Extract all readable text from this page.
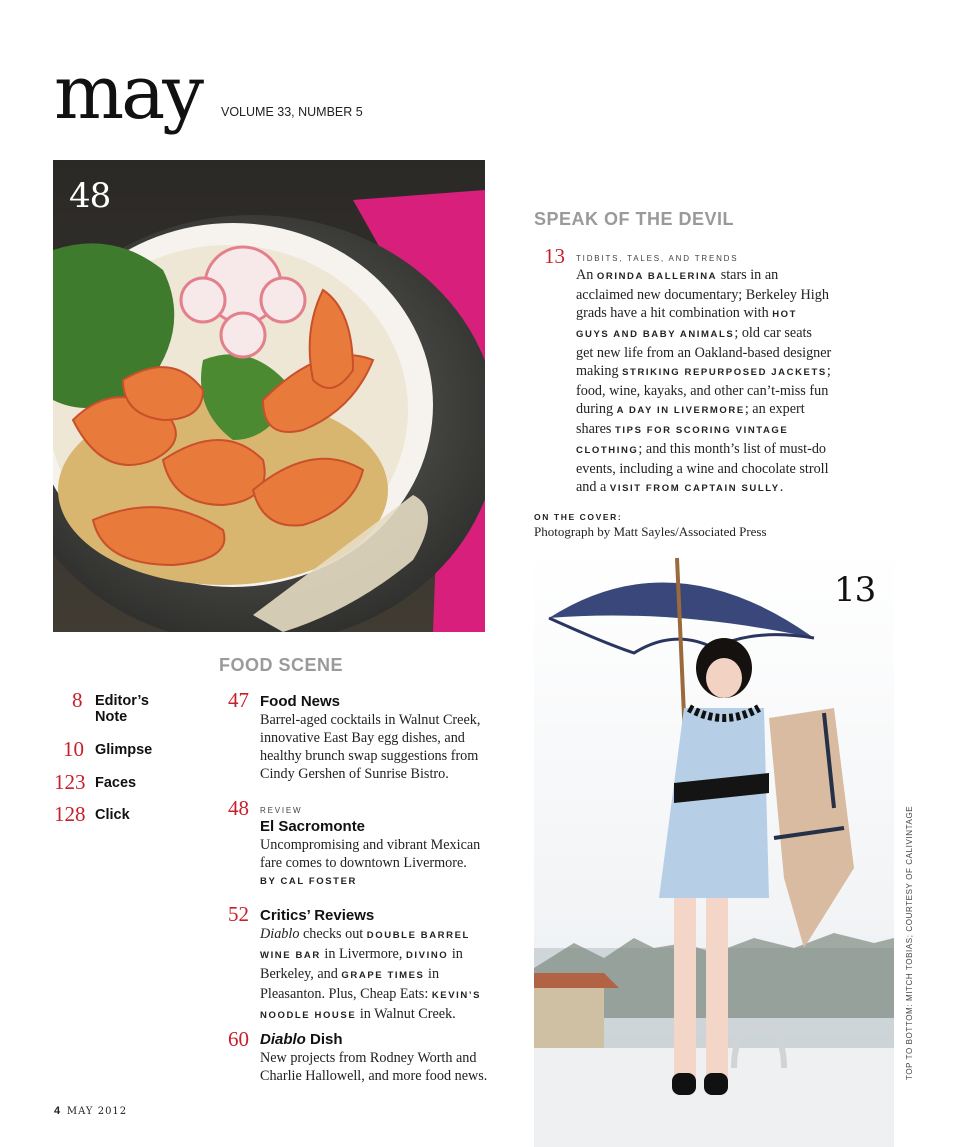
may VOLUME 33, NUMBER 5
48
SPEAK OF THE DEVIL
13 TIDBITS, TALES, AND TRENDS
An ORINDA BALLERINA stars in an acclaimed new documentary; Berkeley High grads have a hit combination with HOT GUYS AND BABY ANIMALS; old car seats get new life from an Oakland-based designer making STRIKING REPURPOSED JACKETS; food, wine, kayaks, and other can’t-miss fun during A DAY IN LIVERMORE; an expert shares TIPS FOR SCORING VINTAGE CLOTHING; and this month’s list of must-do events, including a wine and chocolate stroll and a VISIT FROM CAPTAIN SULLY.
ON THE COVER:
Photograph by Matt Sayles/Associated Press
13
TOP TO BOTTOM: MITCH TOBIAS; COURTESY OF CALIVINTAGE
8 Editor’s Note
10 Glimpse
123 Faces
128 Click
FOOD SCENE
47 Food News
Barrel-aged cocktails in Walnut Creek, innovative East Bay egg dishes, and healthy brunch swap suggestions from Cindy Gershen of Sunrise Bistro.
48 REVIEW
El Sacromonte
Uncompromising and vibrant Mexican fare comes to downtown Livermore.
BY CAL FOSTER
52 Critics’ Reviews
Diablo checks out DOUBLE BARREL WINE BAR in Livermore, DIVINO in Berkeley, and GRAPE TIMES in Pleasanton. Plus, Cheap Eats: KEVIN’S NOODLE HOUSE in Walnut Creek.
60 Diablo Dish
New projects from Rodney Worth and Charlie Hallowell, and more food news.
4 MAY 2012
